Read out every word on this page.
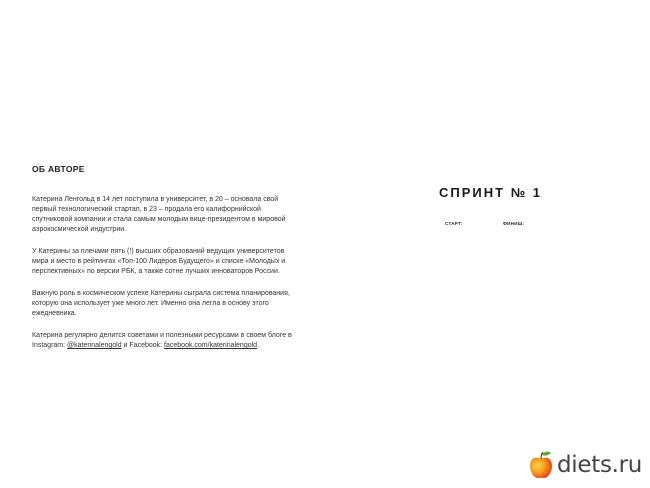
ОБ АВТОРЕ

Катерина Ленгольд в 14 лет поступила в университет, в 20 – основала свой первый технологический стартап, в 23 – продала его калифорнийской спутниковой компании и стала самым молодым вице-президентом в мировой аэрокосмической индустрии.

У Катерины за плечами пять (!) высших образований ведущих университетов мира и место в рейтингах «Топ-100 Лидеров Будущего» и списке «Молодых и перспективных» по версии РБК, а также сотне лучших инноваторов России.

Важную роль в космическом успехе Катерины сыграла система планирования, которую она использует уже много лет. Именно она легла в основу этого ежедневника.

Катерина регулярно делится советами и полезными ресурсами в своем блоге в Instagram: @katerinalengold и Facebook: facebook.com/katerinalengold.

СПРИНТ № 1
СТАРТ:	ФИНИШ:
diets.ru
